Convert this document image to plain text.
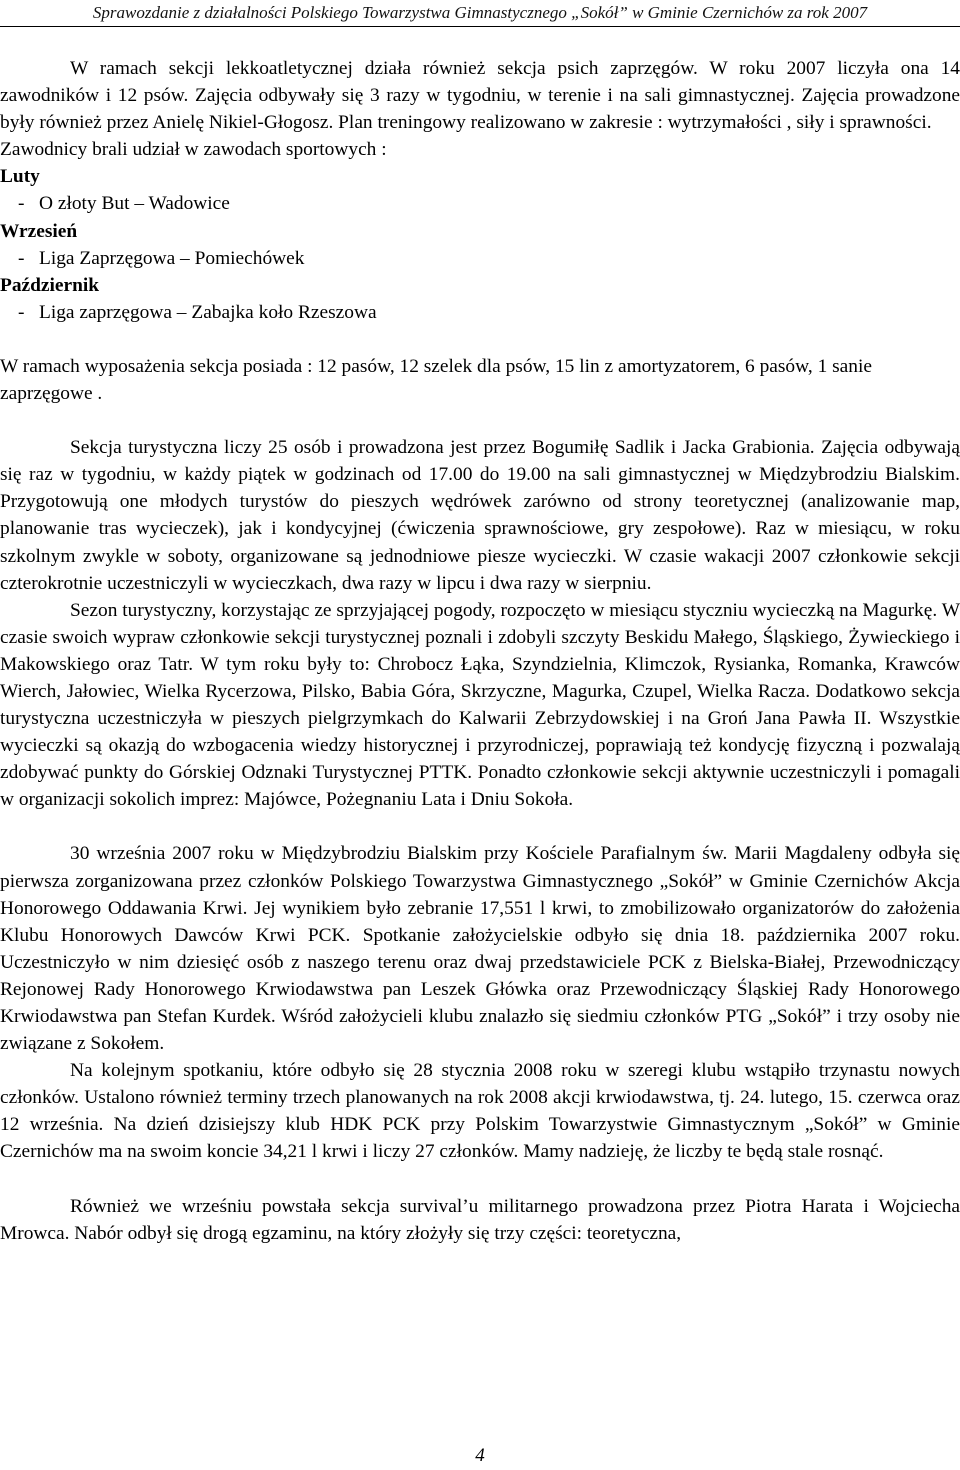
Sprawozdanie z działalności Polskiego Towarzystwa Gimnastycznego „Sokół” w Gminie Czernichów za rok 2007

W ramach sekcji lekkoatletycznej działa również sekcja psich zaprzęgów. W roku 2007 liczyła ona 14 zawodników i 12 psów. Zajęcia odbywały się 3 razy w tygodniu, w terenie i na sali gimnastycznej. Zajęcia prowadzone były również przez Anielę Nikiel-Głogosz. Plan treningowy realizowano w zakresie : wytrzymałości , siły i sprawności.

Zawodnicy brali udział w zawodach sportowych :

Luty
-   O złoty But – Wadowice
Wrzesień
-   Liga Zaprzęgowa – Pomiechówek
Październik
-   Liga zaprzęgowa – Zabajka koło Rzeszowa

W ramach wyposażenia sekcja posiada : 12 pasów, 12 szelek dla psów, 15 lin z amortyzatorem, 6 pasów, 1 sanie zaprzęgowe .

Sekcja turystyczna liczy 25 osób i prowadzona jest przez Bogumiłę Sadlik i Jacka Grabionia. Zajęcia odbywają się raz w tygodniu, w każdy piątek w godzinach od 17.00 do 19.00 na sali gimnastycznej w Międzybrodziu Bialskim. Przygotowują one młodych turystów do pieszych wędrówek zarówno od strony teoretycznej (analizowanie map, planowanie tras wycieczek), jak i kondycyjnej (ćwiczenia sprawnościowe, gry zespołowe). Raz w miesiącu, w roku szkolnym zwykle w soboty, organizowane są jednodniowe piesze wycieczki. W czasie wakacji 2007 członkowie sekcji czterokrotnie uczestniczyli w wycieczkach, dwa razy w lipcu i dwa razy w sierpniu.

Sezon turystyczny, korzystając ze sprzyjającej pogody, rozpoczęto w miesiącu styczniu wycieczką na Magurkę. W czasie swoich wypraw członkowie sekcji turystycznej poznali i zdobyli szczyty Beskidu Małego, Śląskiego, Żywieckiego i Makowskiego oraz Tatr. W tym roku były to: Chrobocz Łąka, Szyndzielnia, Klimczok, Rysianka, Romanka, Krawców Wierch, Jałowiec, Wielka Rycerzowa, Pilsko, Babia Góra, Skrzyczne, Magurka, Czupel, Wielka Racza. Dodatkowo sekcja turystyczna uczestniczyła w pieszych pielgrzymkach do Kalwarii Zebrzydowskiej i na Groń Jana Pawła II. Wszystkie wycieczki są okazją do wzbogacenia wiedzy historycznej i przyrodniczej, poprawiają też kondycję fizyczną i pozwalają zdobywać punkty do Górskiej Odznaki Turystycznej PTTK. Ponadto członkowie sekcji aktywnie uczestniczyli i pomagali w organizacji sokolich imprez: Majówce, Pożegnaniu Lata i Dniu Sokoła.

30 września 2007 roku w Międzybrodziu Bialskim przy Kościele Parafialnym św. Marii Magdaleny odbyła się pierwsza zorganizowana przez członków Polskiego Towarzystwa Gimnastycznego „Sokół” w Gminie Czernichów Akcja Honorowego Oddawania Krwi. Jej wynikiem było zebranie 17,551 l krwi, to zmobilizowało organizatorów do założenia Klubu Honorowych Dawców Krwi PCK. Spotkanie założycielskie odbyło się dnia 18. października 2007 roku. Uczestniczyło w nim dziesięć osób z naszego terenu oraz dwaj przedstawiciele PCK z Bielska-Białej, Przewodniczący Rejonowej Rady Honorowego Krwiodawstwa pan Leszek Główka oraz Przewodniczący Śląskiej Rady Honorowego Krwiodawstwa pan Stefan Kurdek. Wśród założycieli klubu znalazło się siedmiu członków PTG „Sokół” i trzy osoby nie związane z Sokołem.

Na kolejnym spotkaniu, które odbyło się 28 stycznia 2008 roku w szeregi klubu wstąpiło trzynastu nowych członków. Ustalono również terminy trzech planowanych na rok 2008 akcji krwiodawstwa, tj. 24. lutego, 15. czerwca oraz 12 września. Na dzień dzisiejszy klub HDK PCK przy Polskim Towarzystwie Gimnastycznym „Sokół” w Gminie Czernichów ma na swoim koncie 34,21 l krwi i liczy 27 członków. Mamy nadzieję, że liczby te będą stale rosnąć.

Również we wrześniu powstała sekcja survival’u militarnego prowadzona przez Piotra Harata i Wojciecha Mrowca. Nabór odbył się drogą egzaminu, na który złożyły się trzy części: teoretyczna,

4
